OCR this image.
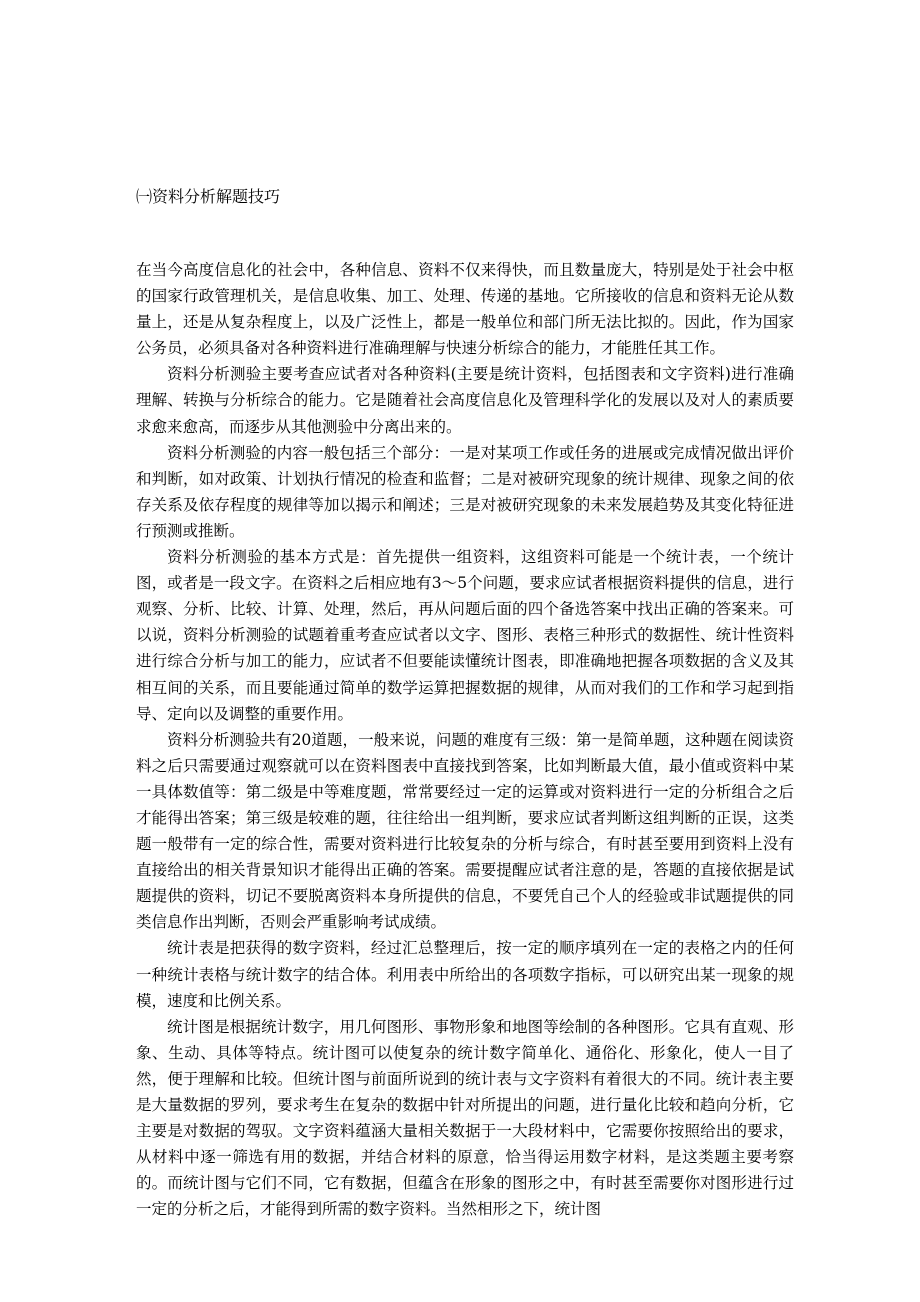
㈠资料分析解题技巧

在当今高度信息化的社会中，各种信息、资料不仅来得快，而且数量庞大，特别是处于社会中枢的国家行政管理机关，是信息收集、加工、处理、传递的基地。它所接收的信息和资料无论从数量上，还是从复杂程度上，以及广泛性上，都是一般单位和部门所无法比拟的。因此，作为国家公务员，必须具备对各种资料进行准确理解与快速分析综合的能力，才能胜任其工作。

资料分析测验主要考查应试者对各种资料(主要是统计资料，包括图表和文字资料)进行准确理解、转换与分析综合的能力。它是随着社会高度信息化及管理科学化的发展以及对人的素质要求愈来愈高，而逐步从其他测验中分离出来的。

资料分析测验的内容一般包括三个部分：一是对某项工作或任务的进展或完成情况做出评价和判断，如对政策、计划执行情况的检查和监督；二是对被研究现象的统计规律、现象之间的依存关系及依存程度的规律等加以揭示和阐述；三是对被研究现象的未来发展趋势及其变化特征进行预测或推断。

资料分析测验的基本方式是：首先提供一组资料，这组资料可能是一个统计表，一个统计图，或者是一段文字。在资料之后相应地有3～5个问题，要求应试者根据资料提供的信息，进行观察、分析、比较、计算、处理，然后，再从问题后面的四个备选答案中找出正确的答案来。可以说，资料分析测验的试题着重考查应试者以文字、图形、表格三种形式的数据性、统计性资料进行综合分析与加工的能力，应试者不但要能读懂统计图表，即准确地把握各项数据的含义及其相互间的关系，而且要能通过简单的数学运算把握数据的规律，从而对我们的工作和学习起到指导、定向以及调整的重要作用。

资料分析测验共有20道题，一般来说，问题的难度有三级：第一是简单题，这种题在阅读资料之后只需要通过观察就可以在资料图表中直接找到答案，比如判断最大值，最小值或资料中某一具体数值等：第二级是中等难度题，常常要经过一定的运算或对资料进行一定的分析组合之后才能得出答案；第三级是较难的题，往往给出一组判断，要求应试者判断这组判断的正误，这类题一般带有一定的综合性，需要对资料进行比较复杂的分析与综合，有时甚至要用到资料上没有直接给出的相关背景知识才能得出正确的答案。需要提醒应试者注意的是，答题的直接依据是试题提供的资料，切记不要脱离资料本身所提供的信息，不要凭自己个人的经验或非试题提供的同类信息作出判断，否则会严重影响考试成绩。

统计表是把获得的数字资料，经过汇总整理后，按一定的顺序填列在一定的表格之内的任何一种统计表格与统计数字的结合体。利用表中所给出的各项数字指标，可以研究出某一现象的规模，速度和比例关系。

统计图是根据统计数字，用几何图形、事物形象和地图等绘制的各种图形。它具有直观、形象、生动、具体等特点。统计图可以使复杂的统计数字简单化、通俗化、形象化，使人一目了然，便于理解和比较。但统计图与前面所说到的统计表与文字资料有着很大的不同。统计表主要是大量数据的罗列，要求考生在复杂的数据中针对所提出的问题，进行量化比较和趋向分析，它主要是对数据的驾驭。文字资料蕴涵大量相关数据于一大段材料中，它需要你按照给出的要求，从材料中逐一筛选有用的数据，并结合材料的原意，恰当得运用数字材料，是这类题主要考察的。而统计图与它们不同，它有数据，但蕴含在形象的图形之中，有时甚至需要你对图形进行过一定的分析之后，才能得到所需的数字资料。当然相形之下，统计图
